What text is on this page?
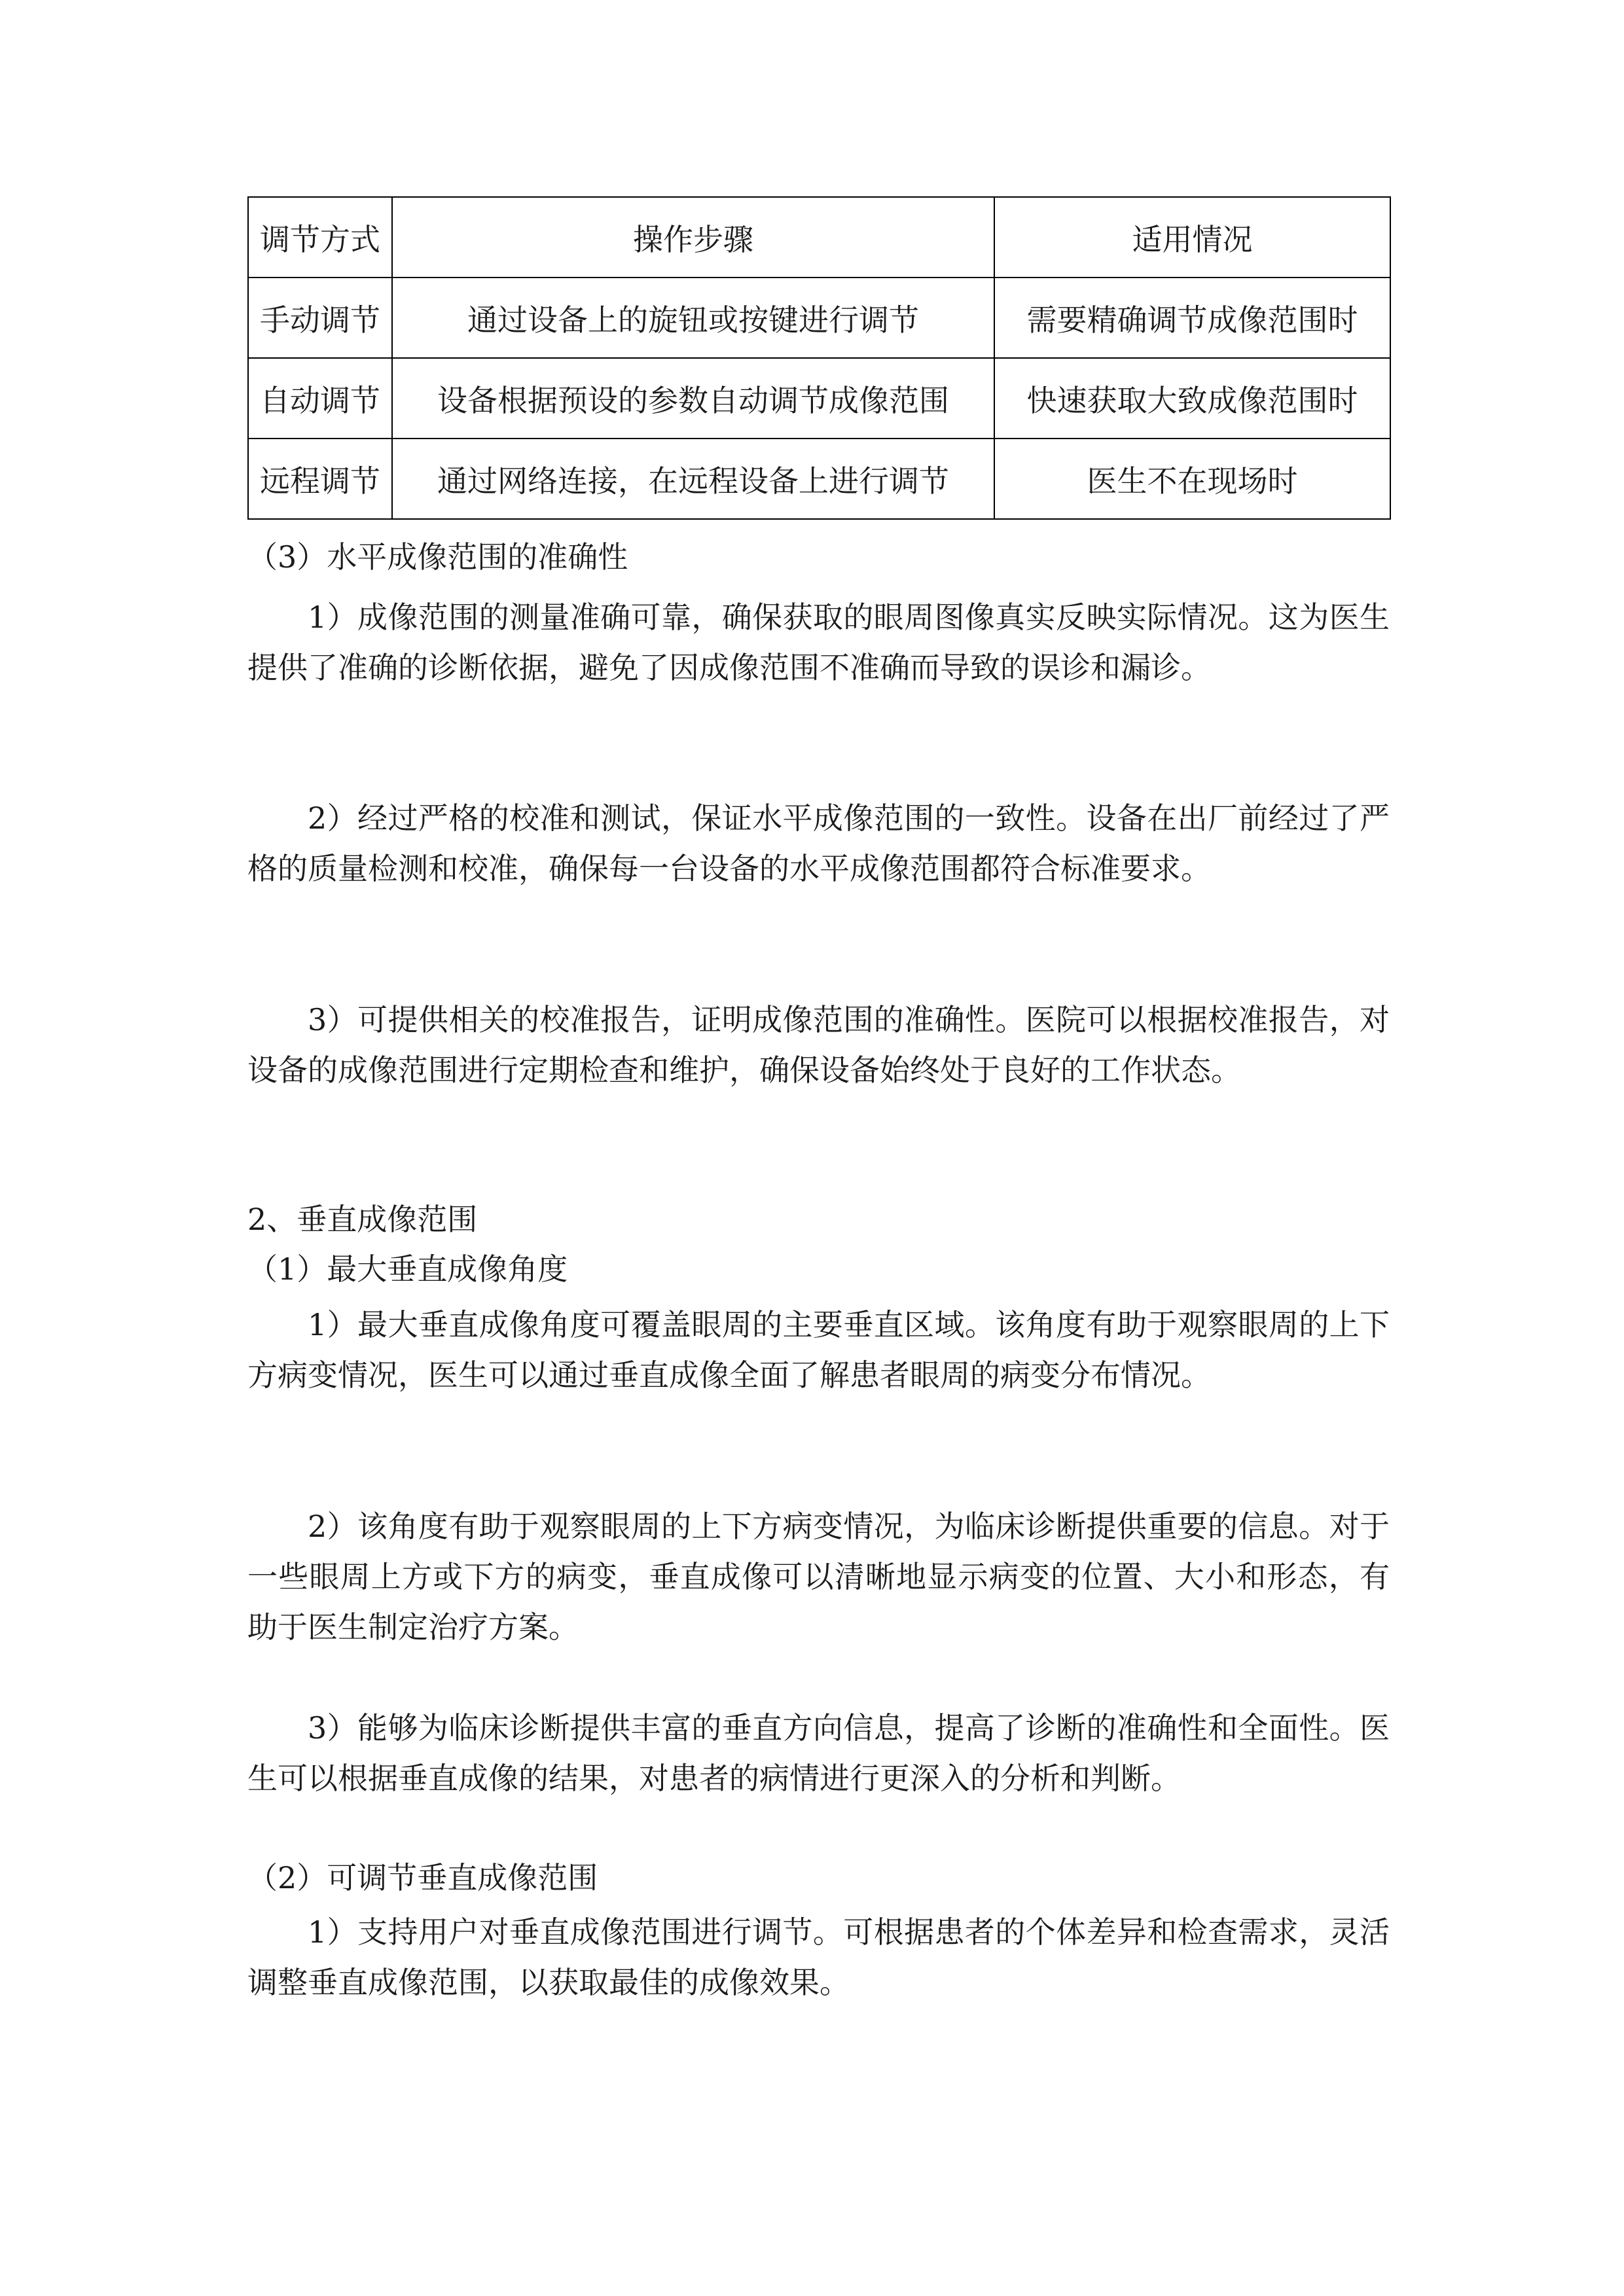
调节方式	操作步骤	适用情况
手动调节	通过设备上的旋钮或按键进行调节	需要精确调节成像范围时
自动调节	设备根据预设的参数自动调节成像范围	快速获取大致成像范围时
远程调节	通过网络连接，在远程设备上进行调节	医生不在现场时

（3）水平成像范围的准确性

1）成像范围的测量准确可靠，确保获取的眼周图像真实反映实际情况。这为医生提供了准确的诊断依据，避免了因成像范围不准确而导致的误诊和漏诊。

2）经过严格的校准和测试，保证水平成像范围的一致性。设备在出厂前经过了严格的质量检测和校准，确保每一台设备的水平成像范围都符合标准要求。

3）可提供相关的校准报告，证明成像范围的准确性。医院可以根据校准报告，对设备的成像范围进行定期检查和维护，确保设备始终处于良好的工作状态。

2、垂直成像范围

（1）最大垂直成像角度

1）最大垂直成像角度可覆盖眼周的主要垂直区域。该角度有助于观察眼周的上下方病变情况，医生可以通过垂直成像全面了解患者眼周的病变分布情况。

2）该角度有助于观察眼周的上下方病变情况，为临床诊断提供重要的信息。对于一些眼周上方或下方的病变，垂直成像可以清晰地显示病变的位置、大小和形态，有助于医生制定治疗方案。

3）能够为临床诊断提供丰富的垂直方向信息，提高了诊断的准确性和全面性。医生可以根据垂直成像的结果，对患者的病情进行更深入的分析和判断。

（2）可调节垂直成像范围

1）支持用户对垂直成像范围进行调节。可根据患者的个体差异和检查需求，灵活调整垂直成像范围，以获取最佳的成像效果。
